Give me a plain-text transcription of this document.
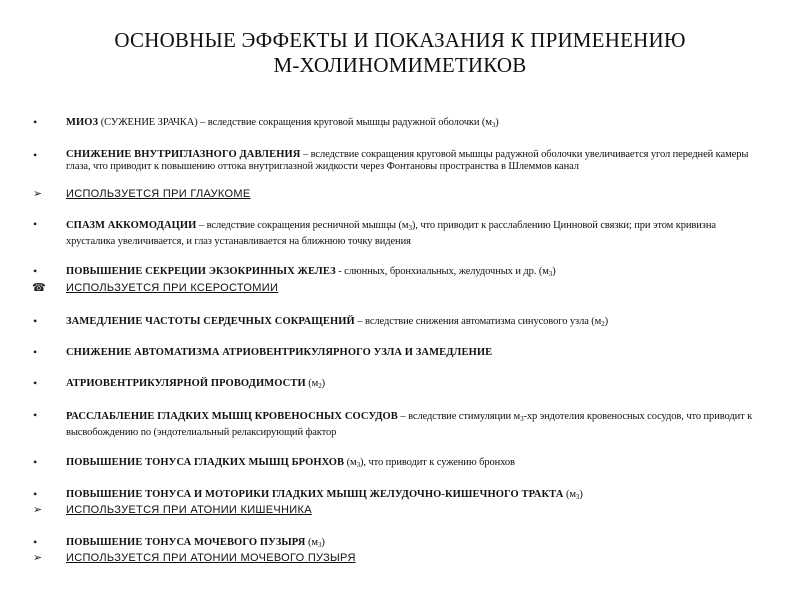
ОСНОВНЫЕ ЭФФЕКТЫ И ПОКАЗАНИЯ К ПРИМЕНЕНИЮ
М-ХОЛИНОМИМЕТИКОВ
•	МИОЗ (СУЖЕНИЕ ЗРАЧКА) – вследствие сокращения круговой мышцы радужной оболочки $(м_3)$
•	СНИЖЕНИЕ ВНУТРИГЛАЗНОГО ДАВЛЕНИЯ – вследствие сокращения круговой мышцы радужной оболочки увеличивается угол передней камеры глаза, что приводит к повышению оттока внутриглазной жидкости через Фонтановы пространства в Шлеммов канал
➢	ИСПОЛЬЗУЕТСЯ ПРИ ГЛАУКОМЕ
•	СПАЗМ АККОМОДАЦИИ – вследствие сокращения ресничной мышцы $(м_3)$, что приводит к расслаблению Цинновой связки; при этом кривизна хрусталика увеличивается, и глаз устанавливается на ближнюю точку видения
•	ПОВЫШЕНИЕ СЕКРЕЦИИ ЭКЗОКРИННЫХ ЖЕЛЕЗ - слюнных, бронхиальных, желудочных и др. $(м_3)$
☎	ИСПОЛЬЗУЕТСЯ ПРИ КСЕРОСТОМИИ
•	ЗАМЕДЛЕНИЕ ЧАСТОТЫ СЕРДЕЧНЫХ СОКРАЩЕНИЙ – вследствие снижения автоматизма синусового узла $(м_2)$
•	СНИЖЕНИЕ АВТОМАТИЗМА АТРИОВЕНТРИКУЛЯРНОГО УЗЛА И ЗАМЕДЛЕНИЕ
•	АТРИОВЕНТРИКУЛЯРНОЙ ПРОВОДИМОСТИ $(м_2)$
•	РАССЛАБЛЕНИЕ ГЛАДКИХ МЫШЦ КРОВЕНОСНЫХ СОСУДОВ – вследствие стимуляции $м_3-хр$ эндотелия кровеносных сосудов, что приводит к высвобождению no (эндотелиальный релаксирующий фактор
•	ПОВЫШЕНИЕ ТОНУСА ГЛАДКИХ МЫШЦ БРОНХОВ $(м_3)$, что приводит к сужению бронхов
•	ПОВЫШЕНИЕ ТОНУСА И МОТОРИКИ ГЛАДКИХ МЫШЦ ЖЕЛУДОЧНО-КИШЕЧНОГО ТРАКТА $(м_3)$
➢	ИСПОЛЬЗУЕТСЯ ПРИ АТОНИИ КИШЕЧНИКА
•	ПОВЫШЕНИЕ ТОНУСА МОЧЕВОГО ПУЗЫРЯ $(м_3)$
➢	ИСПОЛЬЗУЕТСЯ ПРИ АТОНИИ МОЧЕВОГО ПУЗЫРЯ
